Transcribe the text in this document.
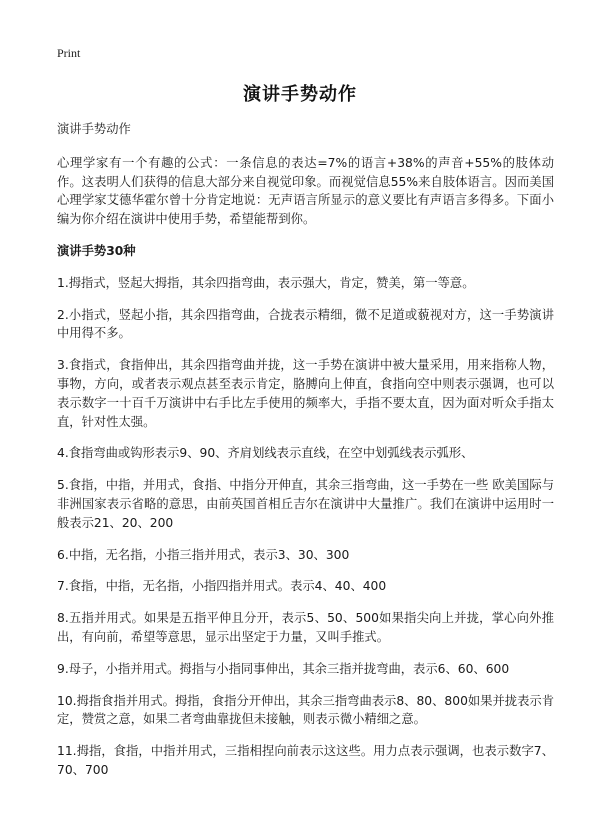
Print
演讲手势动作
演讲手势动作

心理学家有一个有趣的公式：一条信息的表达=7%的语言+38%的声音+55%的肢体动作。这表明人们获得的信息大部分来自视觉印象。而视觉信息55%来自肢体语言。因而美国心理学家艾德华霍尔曾十分肯定地说：无声语言所显示的意义要比有声语言多得多。下面小编为你介绍在演讲中使用手势，希望能帮到你。

演讲手势30种

1.拇指式，竖起大拇指，其余四指弯曲，表示强大，肯定，赞美，第一等意。

2.小指式，竖起小指，其余四指弯曲，合拢表示精细，微不足道或藐视对方，这一手势演讲中用得不多。

3.食指式，食指伸出，其余四指弯曲并拢，这一手势在演讲中被大量采用，用来指称人物，事物，方向，或者表示观点甚至表示肯定，胳膊向上伸直，食指向空中则表示强调，也可以表示数字一十百千万演讲中右手比左手使用的频率大，手指不要太直，因为面对听众手指太直，针对性太强。

4.食指弯曲或钩形表示9、90、齐肩划线表示直线，在空中划弧线表示弧形、

5.食指，中指，并用式，食指、中指分开伸直，其余三指弯曲，这一手势在一些 欧美国际与非洲国家表示省略的意思，由前英国首相丘吉尔在演讲中大量推广。我们在演讲中运用时一般表示21、20、200

6.中指，无名指，小指三指并用式，表示3、30、300

7.食指，中指，无名指，小指四指并用式。表示4、40、400

8.五指并用式。如果是五指平伸且分开，表示5、50、500如果指尖向上并拢，掌心向外推出，有向前，希望等意思，显示出坚定于力量，又叫手推式。

9.母子，小指并用式。拇指与小指同事伸出，其余三指并拢弯曲，表示6、60、600

10.拇指食指并用式。拇指，食指分开伸出，其余三指弯曲表示8、80、800如果并拢表示肯定，赞赏之意，如果二者弯曲靠拢但未接触，则表示微小精细之意。

11.拇指，食指，中指并用式，三指相捏向前表示这这些。用力点表示强调，也表示数字7、70、700
